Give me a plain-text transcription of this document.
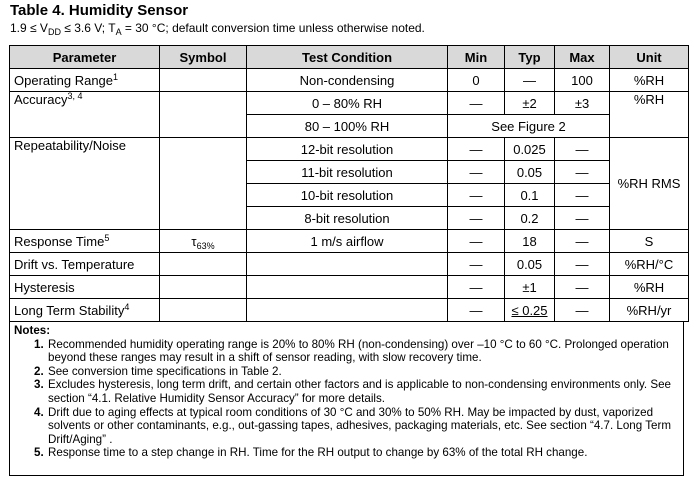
Table 4. Humidity Sensor
$1.9 \le V_{DD} \le 3.6$ V; $T_A = 30$ °C; default conversion time unless otherwise noted.
Parameter	Symbol	Test Condition	Min	Typ	Max	Unit
Operating Range$^1$		Non-condensing	0	—	100	%RH
Accuracy$^{3, 4}$		0 – 80% RH	—	±2	±3	%RH
		80 – 100% RH	See Figure 2			
Repeatability/Noise		12-bit resolution	—	0.025	—	%RH RMS
		11-bit resolution	—	0.05	—	
		10-bit resolution	—	0.1	—	
		8-bit resolution	—	0.2	—	
Response Time$^5$	$\tau_{63\%}$	1 m/s airflow	—	18	—	S
Drift vs. Temperature			—	0.05	—	%RH/°C
Hysteresis			—	±1	—	%RH
Long Term Stability$^4$			—	≤ 0.25	—	%RH/yr
Notes:
1. Recommended humidity operating range is 20% to 80% RH (non-condensing) over –10 °C to 60 °C. Prolonged operation beyond these ranges may result in a shift of sensor reading, with slow recovery time.
2. See conversion time specifications in Table 2.
3. Excludes hysteresis, long term drift, and certain other factors and is applicable to non-condensing environments only. See section “4.1. Relative Humidity Sensor Accuracy” for more details.
4. Drift due to aging effects at typical room conditions of 30 °C and 30% to 50% RH. May be impacted by dust, vaporized solvents or other contaminants, e.g., out-gassing tapes, adhesives, packaging materials, etc. See section “4.7. Long Term Drift/Aging” .
5. Response time to a step change in RH. Time for the RH output to change by 63% of the total RH change.
